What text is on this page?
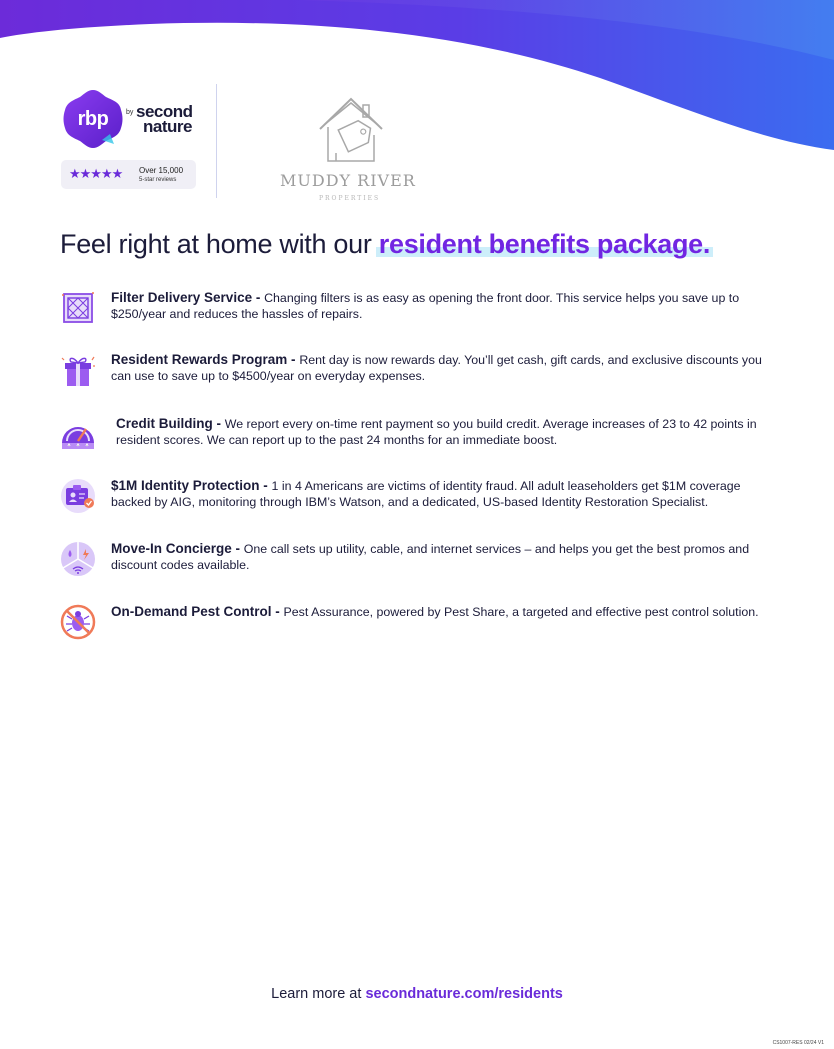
rbp	by second
nature
★★★★★ Over 15,000
5-star reviews	MUDDY RIVER
PROPERTIES
Feel right at home with our resident benefits package.
Filter Delivery Service - Changing filters is as easy as opening the front door. This service helps you save up to $250/year and reduces the hassles of repairs.
Resident Rewards Program - Rent day is now rewards day. You’ll get cash, gift cards, and exclusive discounts you can use to save up to $4500/year on everyday expenses.
Credit Building - We report every on-time rent payment so you build credit. Average increases of 23 to 42 points in resident scores. We can report up to the past 24 months for an immediate boost.
$1M Identity Protection - 1 in 4 Americans are victims of identity fraud. All adult leaseholders get $1M coverage backed by AIG, monitoring through IBM’s Watson, and a dedicated, US-based Identity Restoration Specialist.
Move-In Concierge - One call sets up utility, cable, and internet services – and helps you get the best promos and discount codes available.
On-Demand Pest Control - Pest Assurance, powered by Pest Share, a targeted and effective pest control solution.
Learn more at secondnature.com/residents
CS1007-RES 02/24 V1
